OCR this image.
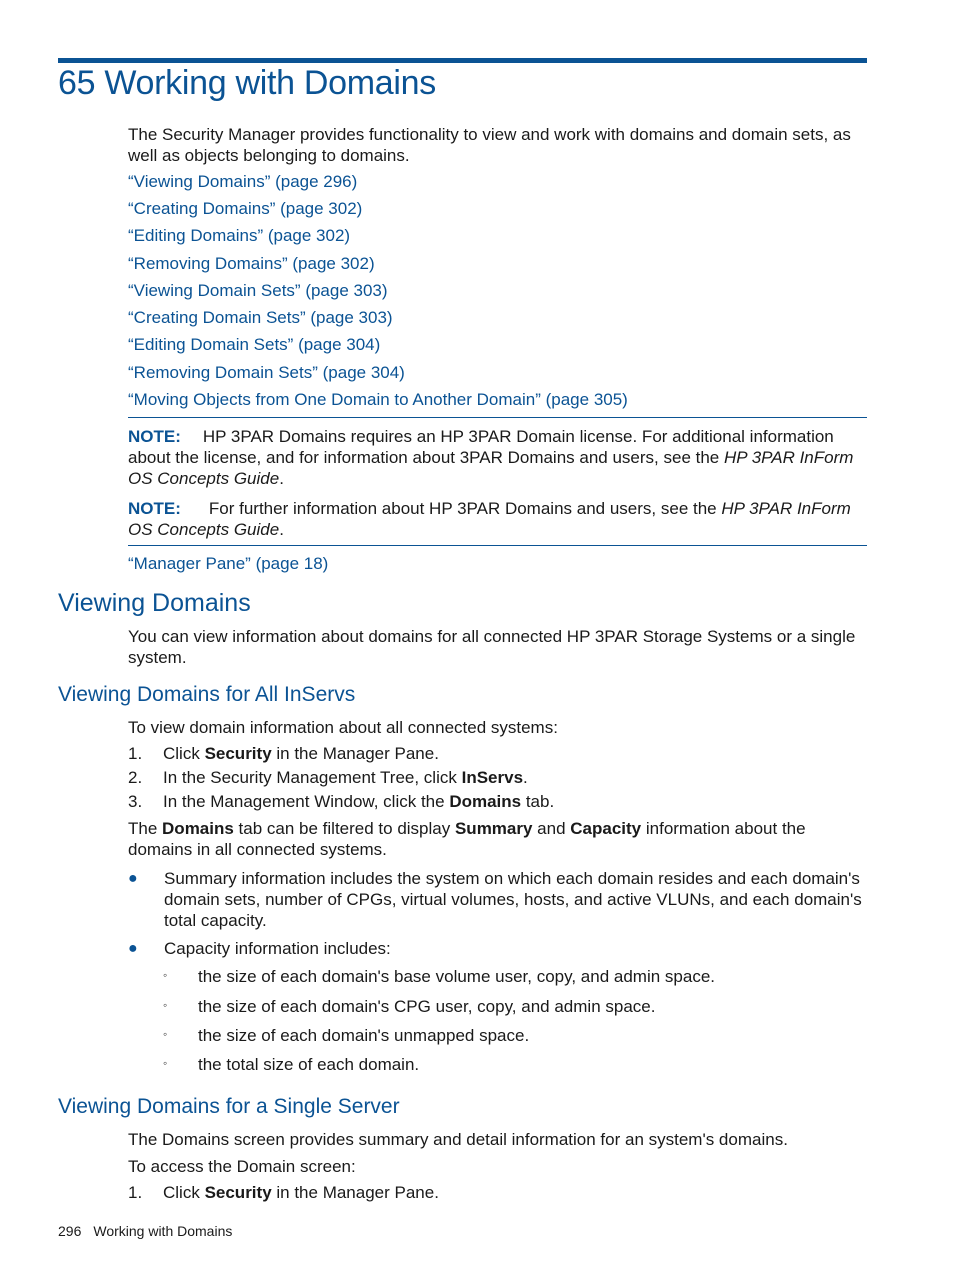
65 Working with Domains

The Security Manager provides functionality to view and work with domains and domain sets, as well as objects belonging to domains.

“Viewing Domains” (page 296)
“Creating Domains” (page 302)
“Editing Domains” (page 302)
“Removing Domains” (page 302)
“Viewing Domain Sets” (page 303)
“Creating Domain Sets” (page 303)
“Editing Domain Sets” (page 304)
“Removing Domain Sets” (page 304)
“Moving Objects from One Domain to Another Domain” (page 305)

NOTE: HP 3PAR Domains requires an HP 3PAR Domain license. For additional information about the license, and for information about 3PAR Domains and users, see the HP 3PAR InForm OS Concepts Guide.

NOTE: For further information about HP 3PAR Domains and users, see the HP 3PAR InForm OS Concepts Guide.

“Manager Pane” (page 18)
Viewing Domains

You can view information about domains for all connected HP 3PAR Storage Systems or a single system.

Viewing Domains for All InServs

To view domain information about all connected systems:

1. Click Security in the Manager Pane.
2. In the Security Management Tree, click InServs.
3. In the Management Window, click the Domains tab.

The Domains tab can be filtered to display Summary and Capacity information about the domains in all connected systems.

● Summary information includes the system on which each domain resides and each domain's domain sets, number of CPGs, virtual volumes, hosts, and active VLUNs, and each domain's total capacity.
● Capacity information includes:
◦ the size of each domain's base volume user, copy, and admin space.
◦ the size of each domain's CPG user, copy, and admin space.
◦ the size of each domain's unmapped space.
◦ the total size of each domain.
Viewing Domains for a Single Server

The Domains screen provides summary and detail information for an system's domains.

To access the Domain screen:

1. Click Security in the Manager Pane.
296 Working with Domains
